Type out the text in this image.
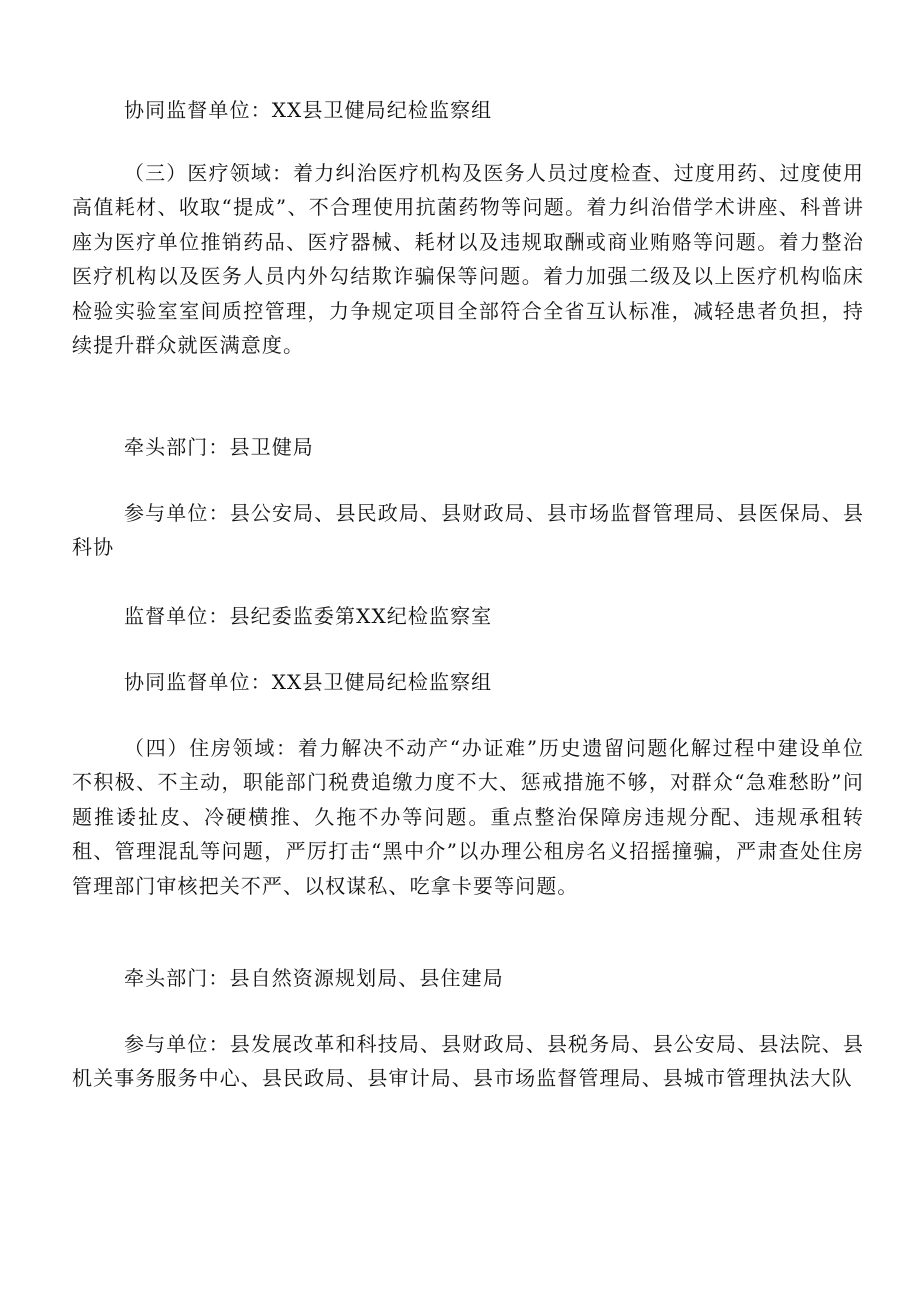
协同监督单位：XX县卫健局纪检监察组

（三）医疗领域：着力纠治医疗机构及医务人员过度检查、过度用药、过度使用高值耗材、收取“提成”、不合理使用抗菌药物等问题。着力纠治借学术讲座、科普讲座为医疗单位推销药品、医疗器械、耗材以及违规取酬或商业贿赂等问题。着力整治医疗机构以及医务人员内外勾结欺诈骗保等问题。着力加强二级及以上医疗机构临床检验实验室室间质控管理，力争规定项目全部符合全省互认标准，减轻患者负担，持续提升群众就医满意度。

牵头部门：县卫健局

参与单位：县公安局、县民政局、县财政局、县市场监督管理局、县医保局、县科协

监督单位：县纪委监委第XX纪检监察室

协同监督单位：XX县卫健局纪检监察组

（四）住房领域：着力解决不动产“办证难”历史遗留问题化解过程中建设单位不积极、不主动，职能部门税费追缴力度不大、惩戒措施不够，对群众“急难愁盼”问题推诿扯皮、冷硬横推、久拖不办等问题。重点整治保障房违规分配、违规承租转租、管理混乱等问题，严厉打击“黑中介”以办理公租房名义招摇撞骗，严肃查处住房管理部门审核把关不严、以权谋私、吃拿卡要等问题。

牵头部门：县自然资源规划局、县住建局

参与单位：县发展改革和科技局、县财政局、县税务局、县公安局、县法院、县机关事务服务中心、县民政局、县审计局、县市场监督管理局、县城市管理执法大队
